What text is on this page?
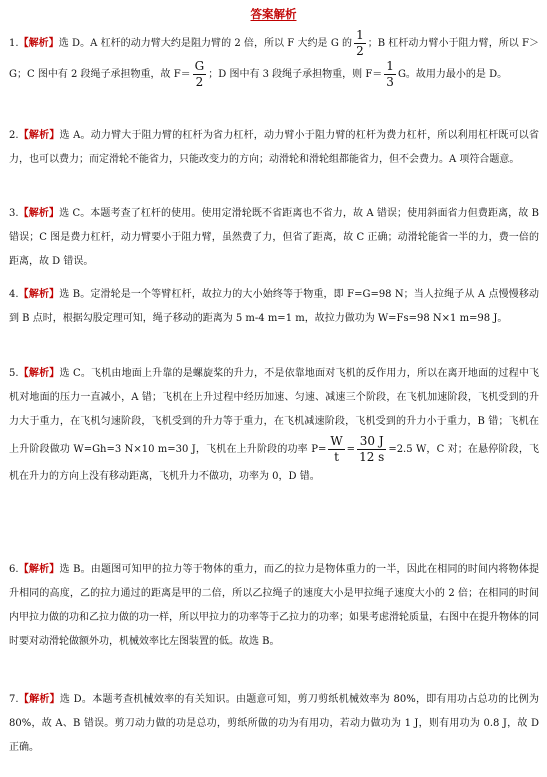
答案解析
1.【解析】选 D。A 杠杆的动力臂大约是阻力臂的 2 倍，所以 F 大约是 G 的 $\frac{1}{2}$ ；B 杠杆动力臂小于阻力臂，所以 F＞G；C 图中有 2 段绳子承担物重，故 $F= \frac{G}{2}$ ；D 图中有 3 段绳子承担物重，则 $F= \frac{1}{3}$ G。故用力最小的是 D。
2.【解析】选 A。动力臂大于阻力臂的杠杆为省力杠杆，动力臂小于阻力臂的杠杆为费力杠杆，所以利用杠杆既可以省力，也可以费力；而定滑轮不能省力，只能改变力的方向；动滑轮和滑轮组都能省力，但不会费力。A 项符合题意。
3.【解析】选 C。本题考查了杠杆的使用。使用定滑轮既不省距离也不省力，故 A 错误；使用斜面省力但费距离，故 B 错误；C 图是费力杠杆，动力臂要小于阻力臂，虽然费了力，但省了距离，故 C 正确；动滑轮能省一半的力，费一倍的距离，故 D 错误。
4.【解析】选 B。定滑轮是一个等臂杠杆，故拉力的大小始终等于物重，即 F=G=98 N；当人拉绳子从 A 点慢慢移动到 B 点时，根据勾股定理可知，绳子移动的距离为 5 m-4 m=1 m，故拉力做功为 W=Fs=98 N×1 m=98 J。
5.【解析】选 C。飞机由地面上升靠的是螺旋桨的升力，不是依靠地面对飞机的反作用力，所以在离开地面的过程中飞机对地面的压力一直减小，A 错；飞机在上升过程中经历加速、匀速、减速三个阶段，在飞机加速阶段，飞机受到的升力大于重力，在飞机匀速阶段，飞机受到的升力等于重力，在飞机减速阶段，飞机受到的升力小于重力，B 错；飞机在上升阶段做功 W=Gh=3 N×10 m=30 J，飞机在上升阶段的功率 $P= \frac{W}{t} = \frac{30 J}{12 s} =2.5$ W，C 对；在悬停阶段，飞机在升力的方向上没有移动距离，飞机升力不做功，功率为 0，D 错。
6.【解析】选 B。由题图可知甲的拉力等于物体的重力，而乙的拉力是物体重力的一半，因此在相同的时间内将物体提升相同的高度，乙的拉力通过的距离是甲的二倍，所以乙拉绳子的速度大小是甲拉绳子速度大小的 2 倍；在相同的时间内甲拉力做的功和乙拉力做的功一样，所以甲拉力的功率等于乙拉力的功率；如果考虑滑轮质量，右图中在提升物体的同时要对动滑轮做额外功，机械效率比左图装置的低。故选 B。
7.【解析】选 D。本题考查机械效率的有关知识。由题意可知，剪刀剪纸机械效率为 80%，即有用功占总功的比例为 80%，故 A、B 错误。剪刀动力做的功是总功，剪纸所做的功为有用功，若动力做功为 1 J，则有用功为 0.8 J，故 D 正确。
